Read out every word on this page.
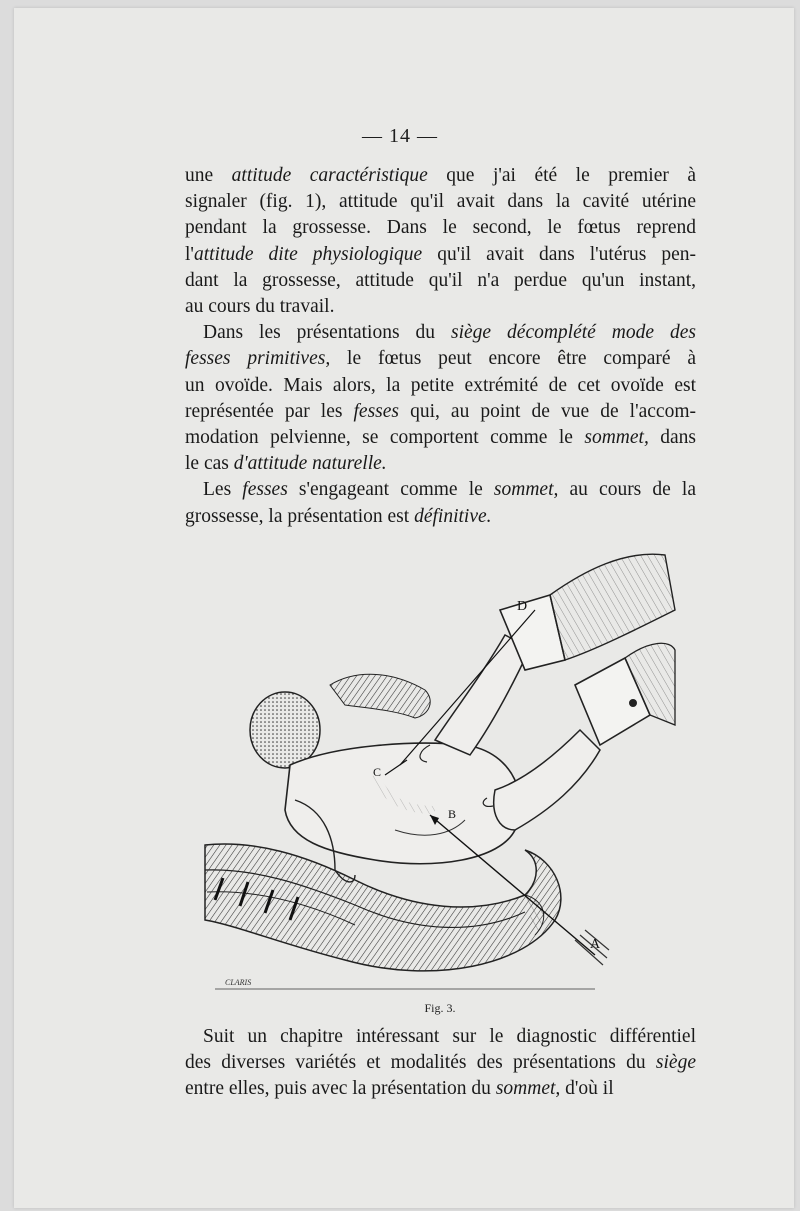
— 14 —

une attitude caractéristique que j'ai été le premier à
signaler (fig. 1), attitude qu'il avait dans la cavité utérine
pendant la grossesse. Dans le second, le fœtus reprend
l'attitude dite physiologique qu'il avait dans l'utérus pen-
dant la grossesse, attitude qu'il n'a perdue qu'un instant,
au cours du travail.

Dans les présentations du siège décomplété mode des
fesses primitives, le fœtus peut encore être comparé à
un ovoïde. Mais alors, la petite extrémité de cet ovoïde est
représentée par les fesses qui, au point de vue de l'accom-
modation pelvienne, se comportent comme le sommet, dans
le cas d'attitude naturelle.

Les fesses s'engageant comme le sommet, au cours de la
grossesse, la présentation est définitive.

D
C
B
A
CLARIS
Fig. 3.

Suit un chapitre intéressant sur le diagnostic différentiel
des diverses variétés et modalités des présentations du siège
entre elles, puis avec la présentation du sommet, d'où il
